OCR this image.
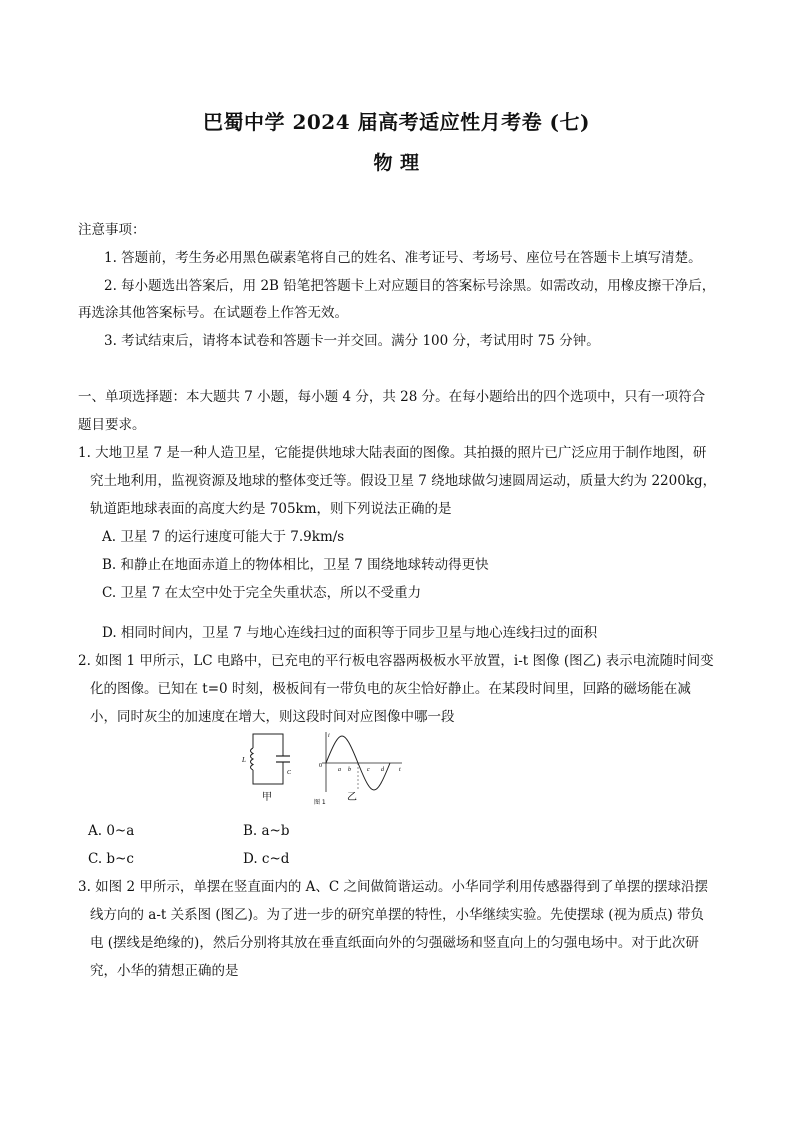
巴蜀中学 2024 届高考适应性月考卷 (七)
物 理
注意事项：
1. 答题前，考生务必用黑色碳素笔将自己的姓名、准考证号、考场号、座位号在答题卡上填写清楚。
2. 每小题选出答案后，用 2B 铅笔把答题卡上对应题目的答案标号涂黑。如需改动，用橡皮擦干净后，
再选涂其他答案标号。在试题卷上作答无效。
3. 考试结束后，请将本试卷和答题卡一并交回。满分 100 分，考试用时 75 分钟。
一、单项选择题：本大题共 7 小题，每小题 4 分，共 28 分。在每小题给出的四个选项中，只有一项符合
题目要求。
1. 大地卫星 7 是一种人造卫星，它能提供地球大陆表面的图像。其拍摄的照片已广泛应用于制作地图，研
究土地利用，监视资源及地球的整体变迁等。假设卫星 7 绕地球做匀速圆周运动，质量大约为 2200kg，
轨道距地球表面的高度大约是 705km，则下列说法正确的是
A. 卫星 7 的运行速度可能大于 7.9km/s
B. 和静止在地面赤道上的物体相比，卫星 7 围绕地球转动得更快
C. 卫星 7 在太空中处于完全失重状态，所以不受重力
D. 相同时间内，卫星 7 与地心连线扫过的面积等于同步卫星与地心连线扫过的面积
2. 如图 1 甲所示，LC 电路中，已充电的平行板电容器两极板水平放置，i-t 图像 (图乙) 表示电流随时间变
化的图像。已知在 t=0 时刻，极板间有一带负电的灰尘恰好静止。在某段时间里，回路的磁场能在减
小，同时灰尘的加速度在增大，则这段时间对应图像中哪一段
L
C
甲
i
0
a b	c d	t
图 1 乙
A. 0~a	B. a~b
C. b~c	D. c~d
3. 如图 2 甲所示，单摆在竖直面内的 A、C 之间做简谐运动。小华同学利用传感器得到了单摆的摆球沿摆
线方向的 a-t 关系图 (图乙)。为了进一步的研究单摆的特性，小华继续实验。先使摆球 (视为质点) 带负
电 (摆线是绝缘的)，然后分别将其放在垂直纸面向外的匀强磁场和竖直向上的匀强电场中。对于此次研
究，小华的猜想正确的是
